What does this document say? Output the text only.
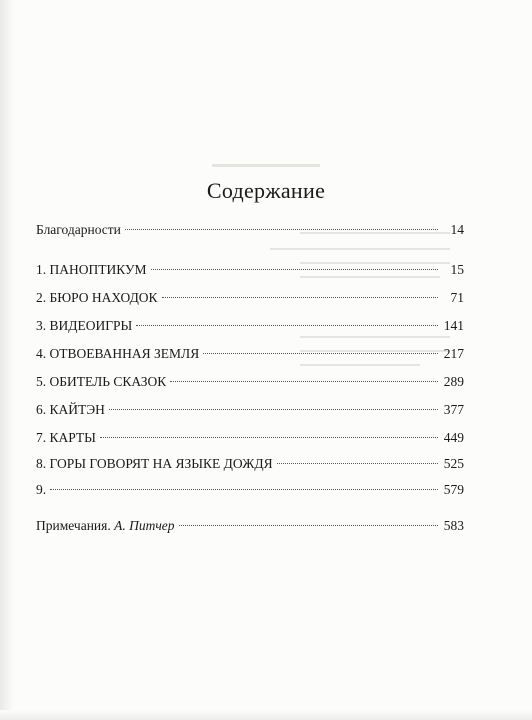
Содержание
Благодарности	14
1. ПАНОПТИКУМ	15
2. БЮРО НАХОДОК	71
3. ВИДЕОИГРЫ	141
4. ОТВОЕВАННАЯ ЗЕМЛЯ	217
5. ОБИТЕЛЬ СКАЗОК	289
6. КАЙТЭН	377
7. КАРТЫ	449
8. ГОРЫ ГОВОРЯТ НА ЯЗЫКЕ ДОЖДЯ	525
9.	579
Примечания. А. Питчер	583
